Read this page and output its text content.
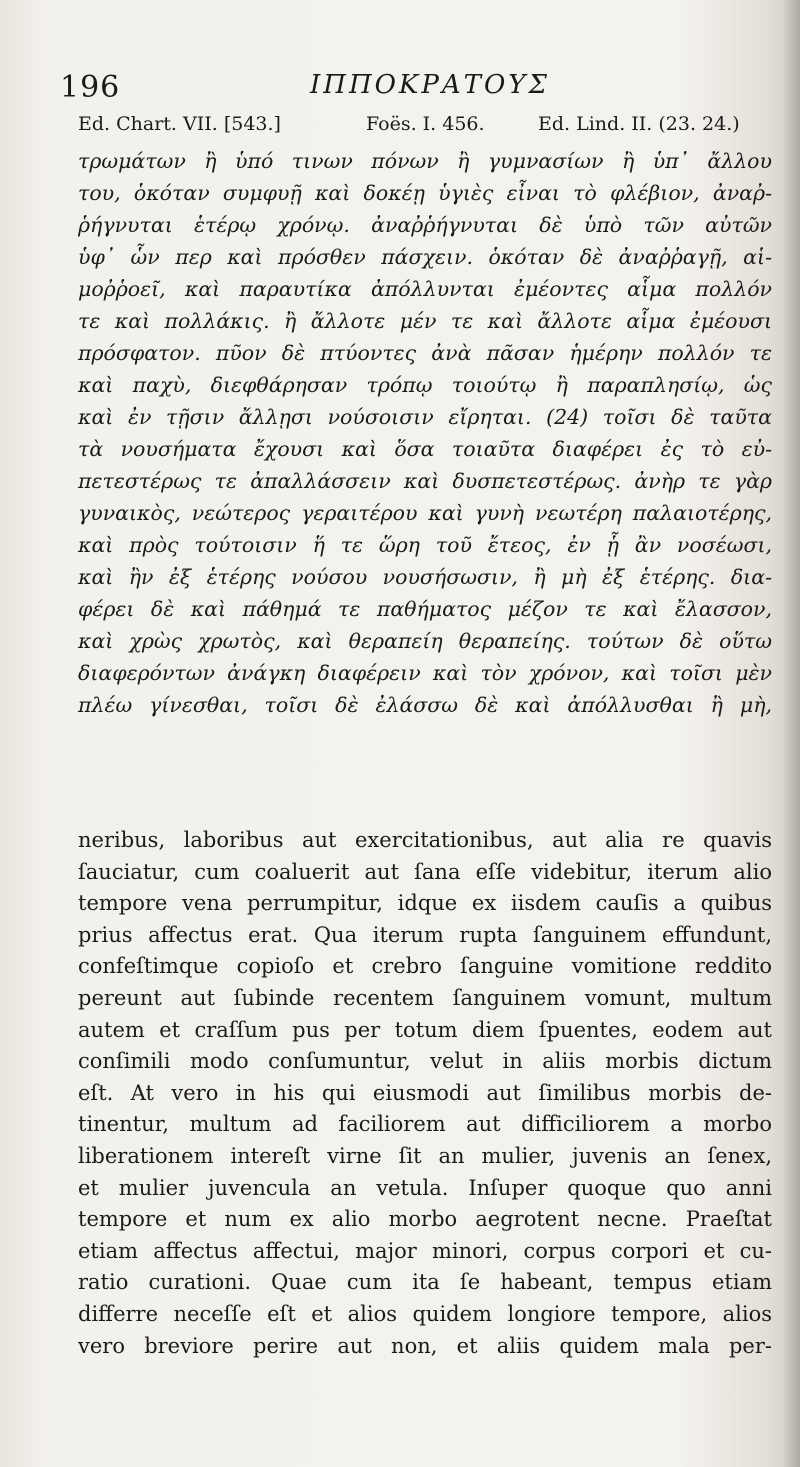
196	ΙΠΠΟΚΡΑΤΟΥΣ
Ed. Chart. VII. [543.]	Foës. I. 456.	Ed. Lind. II. (23. 24.)
τρωμάτων ἢ ὑπό τινων πόνων ἢ γυμνασίων ἢ ὑπ᾽ ἄλλου
του, ὁκόταν συμφυῇ καὶ δοκέῃ ὑγιὲς εἶναι τὸ φλέβιον, ἀναῤ-
ῥήγνυται ἑτέρῳ χρόνῳ. ἀναῤῥήγνυται δὲ ὑπὸ τῶν αὐτῶν
ὑφ᾽ ὧν περ καὶ πρόσθεν πάσχειν. ὁκόταν δὲ ἀναῤῥαγῇ, αἱ-
μοῤῥοεῖ, καὶ παραυτίκα ἀπόλλυνται ἐμέοντες αἷμα πολλόν
τε καὶ πολλάκις. ἢ ἄλλοτε μέν τε καὶ ἄλλοτε αἷμα ἐμέουσι
πρόσφατον. πῦον δὲ πτύοντες ἀνὰ πᾶσαν ἡμέρην πολλόν τε
καὶ παχὺ, διεφθάρησαν τρόπῳ τοιούτῳ ἢ παραπλησίῳ, ὡς
καὶ ἐν τῇσιν ἄλλῃσι νούσοισιν εἴρηται. (24) τοῖσι δὲ ταῦτα
τὰ νουσήματα ἔχουσι καὶ ὅσα τοιαῦτα διαφέρει ἐς τὸ εὐ-
πετεστέρως τε ἀπαλλάσσειν καὶ δυσπετεστέρως. ἀνὴρ τε γὰρ
γυναικὸς, νεώτερος γεραιτέρου καὶ γυνὴ νεωτέρη παλαιοτέρης,
καὶ πρὸς τούτοισιν ἥ τε ὥρη τοῦ ἔτεος, ἐν ᾗ ἂν νοσέωσι,
καὶ ἢν ἐξ ἑτέρης νούσου νουσήσωσιν, ἢ μὴ ἐξ ἑτέρης. δια-
φέρει δὲ καὶ πάθημά τε παθήματος μέζον τε καὶ ἔλασσον,
καὶ χρὼς χρωτὸς, καὶ θεραπείη θεραπείης. τούτων δὲ οὕτω
διαφερόντων ἀνάγκη διαφέρειν καὶ τὸν χρόνον, καὶ τοῖσι μὲν
πλέω γίνεσθαι, τοῖσι δὲ ἐλάσσω δὲ καὶ ἀπόλλυσθαι ἢ μὴ,
neribus, laboribus aut exercitationibus, aut alia re quavis
ſauciatur, cum coaluerit aut ſana eſſe videbitur, iterum alio
tempore vena perrumpitur, idque ex iisdem cauſis a quibus
prius affectus erat. Qua iterum rupta ſanguinem effundunt,
confeſtimque copioſo et crebro ſanguine vomitione reddito
pereunt aut ſubinde recentem ſanguinem vomunt, multum
autem et craſſum pus per totum diem ſpuentes, eodem aut
conſimili modo conſumuntur, velut in aliis morbis dictum
eſt. At vero in his qui eiusmodi aut ſimilibus morbis de-
tinentur, multum ad faciliorem aut difficiliorem a morbo
liberationem intereſt virne ſit an mulier, juvenis an ſenex,
et mulier juvencula an vetula. Inſuper quoque quo anni
tempore et num ex alio morbo aegrotent necne. Praeſtat
etiam affectus affectui, major minori, corpus corpori et cu-
ratio curationi. Quae cum ita ſe habeant, tempus etiam
differre neceſſe eſt et alios quidem longiore tempore, alios
vero breviore perire aut non, et aliis quidem mala per-
